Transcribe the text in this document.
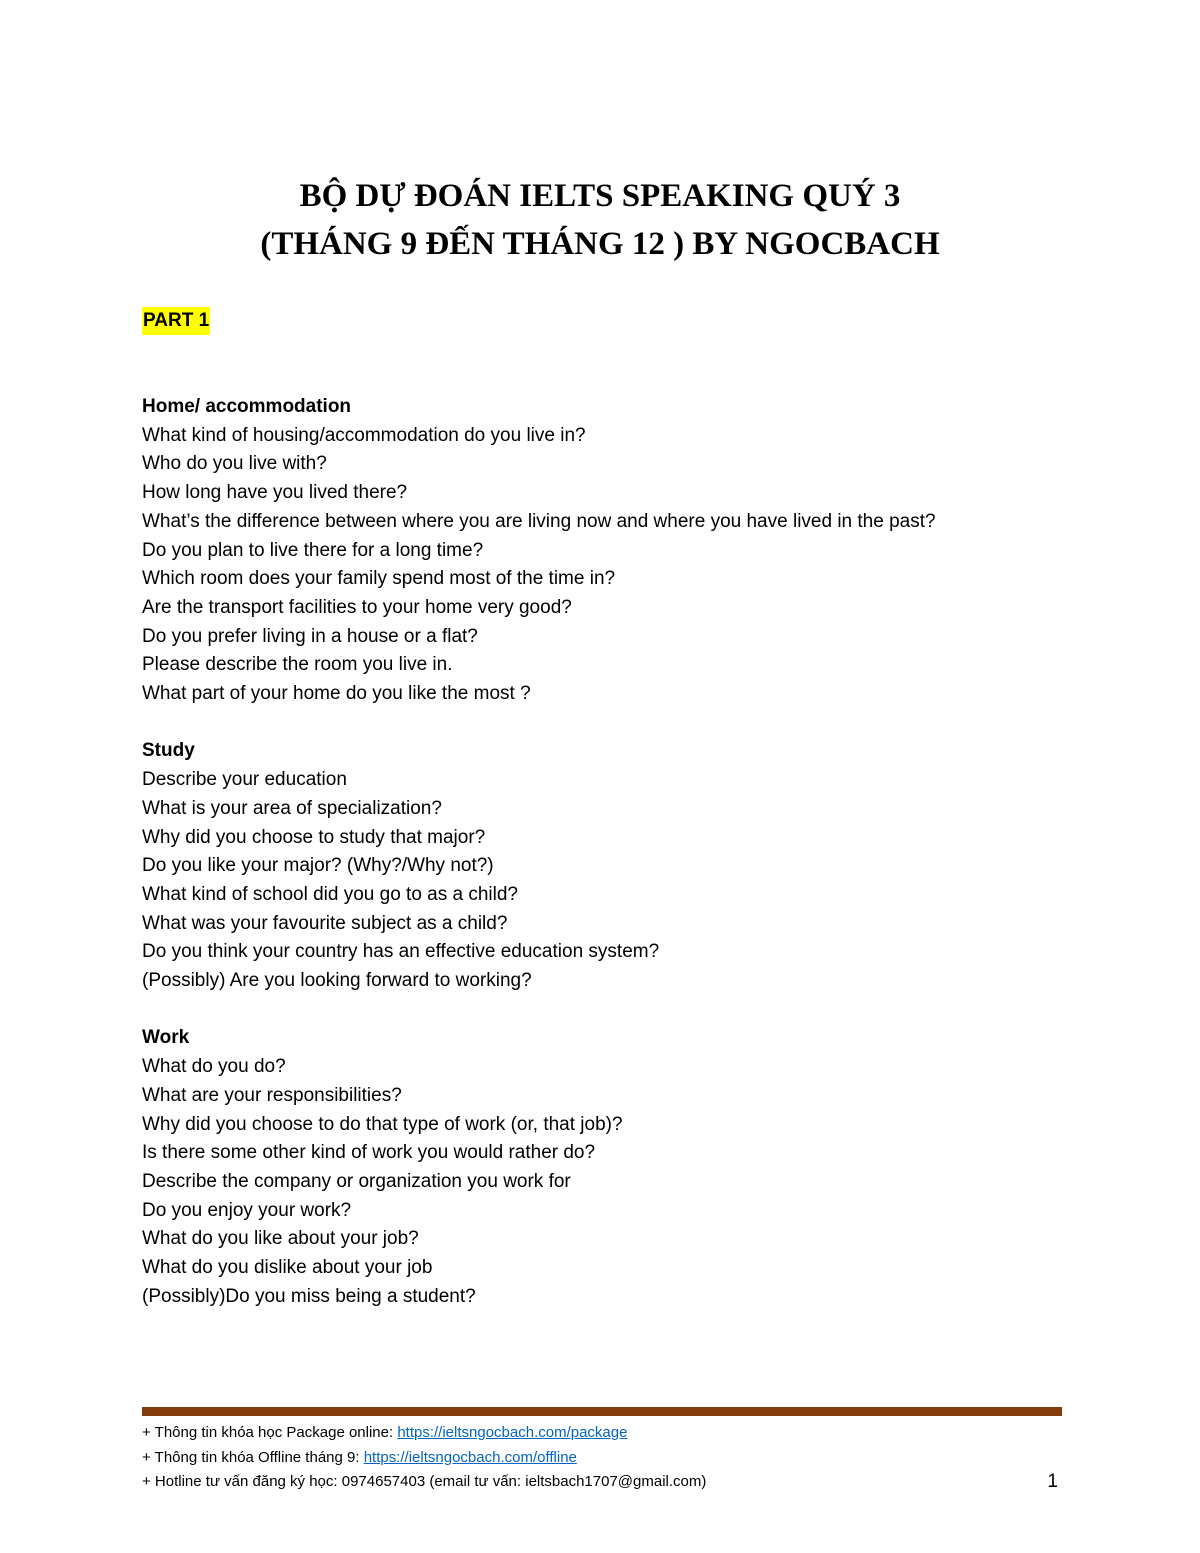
BỘ DỰ ĐOÁN IELTS SPEAKING QUÝ 3
(THÁNG 9 ĐẾN THÁNG 12 ) BY NGOCBACH
PART 1
Home/ accommodation
What kind of housing/accommodation do you live in?
Who do you live with?
How long have you lived there?
What’s the difference between where you are living now and where you have lived in the past?
Do you plan to live there for a long time?
Which room does your family spend most of the time in?
Are the transport facilities to your home very good?
Do you prefer living in a house or a flat?
Please describe the room you live in.
What part of your home do you like the most ?
Study
Describe your education
What is your area of specialization?
Why did you choose to study that major?
Do you like your major? (Why?/Why not?)
What kind of school did you go to as a child?
What was your favourite subject as a child?
Do you think your country has an effective education system?
(Possibly) Are you looking forward to working?
Work
What do you do?
What are your responsibilities?
Why did you choose to do that type of work (or, that job)?
Is there some other kind of work you would rather do?
Describe the company or organization you work for
Do you enjoy your work?
What do you like about your job?
What do you dislike about your job
(Possibly)Do you miss being a student?
+ Thông tin khóa học Package online: https://ieltsngocbach.com/package
+ Thông tin khóa Offline tháng 9: https://ieltsngocbach.com/offline
+ Hotline tư vấn đăng ký học: 0974657403 (email tư vấn: ieltsbach1707@gmail.com)	1
